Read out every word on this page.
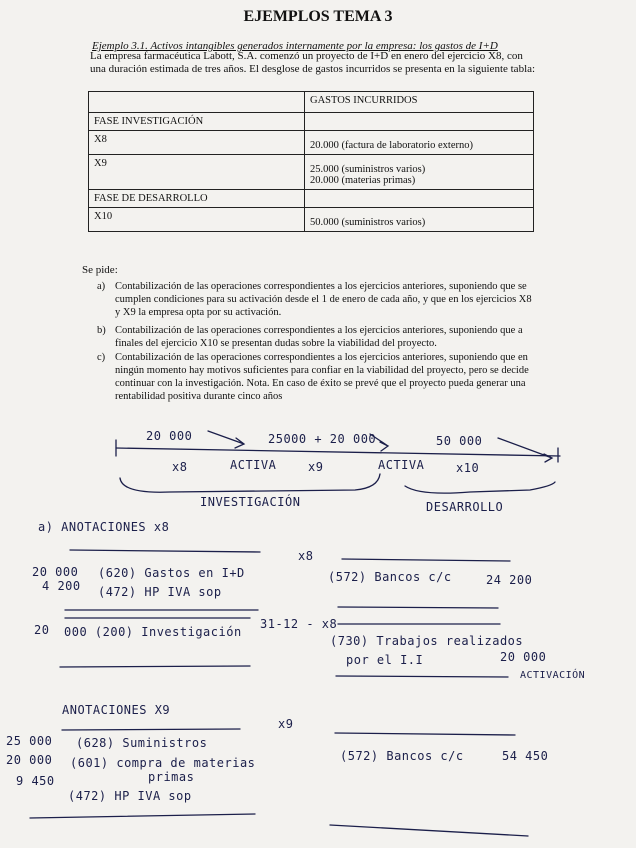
EJEMPLOS TEMA 3
Ejemplo 3.1. Activos intangibles generados internamente por la empresa: los gastos de I+D
La empresa farmacéutica Labott, S.A. comenzó un proyecto de I+D en enero del ejercicio X8, con una duración estimada de tres años. El desglose de gastos incurridos se presenta en la siguiente tabla:
	GASTOS INCURRIDOS
FASE INVESTIGACIÓN	
X8	20.000 (factura de laboratorio externo)
X9	25.000 (suministros varios)
20.000 (materias primas)

FASE DE DESARROLLO	
X10	50.000 (suministros varios)
Se pide:
a) Contabilización de las operaciones correspondientes a los ejercicios anteriores, suponiendo que se cumplen condiciones para su activación desde el 1 de enero de cada año, y que en los ejercicios X8 y X9 la empresa opta por su activación.
b) Contabilización de las operaciones correspondientes a los ejercicios anteriores, suponiendo que a finales del ejercicio X10 se presentan dudas sobre la viabilidad del proyecto.
c) Contabilización de las operaciones correspondientes a los ejercicios anteriores, suponiendo que en ningún momento hay motivos suficientes para confiar en la viabilidad del proyecto, pero se decide continuar con la investigación. Nota. En caso de éxito se prevé que el proyecto pueda generar una rentabilidad positiva durante cinco años
20 000	25000 + 20 000	50 000
x8	ACTIVA	x9	ACTIVA	x10
INVESTIGACIÓN	DESARROLLO
a) ANOTACIONES x8
x8
20 000 (620) Gastos en I+D
4 200 (472) HP IVA sop
(572) Bancos c/c	24 200
20 000 (200) Investigación
31-12 - x8
(730) Trabajos realizados
por el I.I	20 000
ACTIVACIÓN
ANOTACIONES X9
x9
25 000 (628) Suministros
20 000 (601) compra de materias
primas
9 450
(472) HP IVA sop
(572) Bancos c/c	54 450
